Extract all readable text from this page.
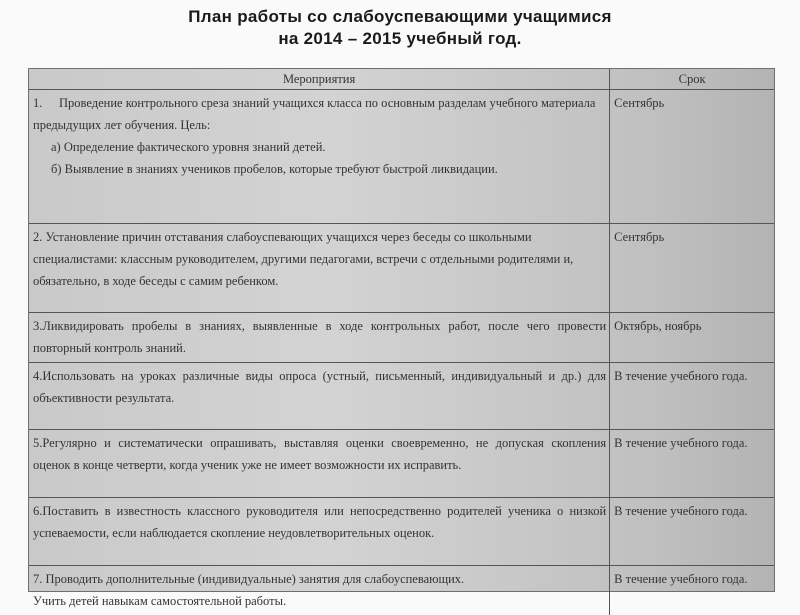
План работы со слабоуспевающими учащимися
на 2014 – 2015 учебный год.
Мероприятия	Срок
1. Проведение контрольного среза знаний учащихся класса по основным разделам учебного материала предыдущих лет обучения. Цель:
а) Определение фактического уровня знаний детей.
б) Выявление в знаниях учеников пробелов, которые требуют быстрой ликвидации.	Сентябрь
2. Установление причин отставания слабоуспевающих учащихся через беседы со школьными специалистами: классным руководителем, другими педагогами, встречи с отдельными родителями и, обязательно, в ходе беседы с самим ребенком.	Сентябрь
3.Ликвидировать пробелы в знаниях, выявленные в ходе контрольных работ, после чего провести повторный контроль знаний.	Октябрь, ноябрь
4.Использовать на уроках различные виды опроса (устный, письменный, индивидуальный и др.) для объективности результата.	В течение учебного года.
5.Регулярно и систематически опрашивать, выставляя оценки своевременно, не допуская скопления оценок в конце четверти, когда ученик уже не имеет возможности их исправить.	В течение учебного года.
6.Поставить в известность классного руководителя или непосредственно родителей ученика о низкой успеваемости, если наблюдается скопление неудовлетворительных оценок.	В течение учебного года.
7. Проводить дополнительные (индивидуальные) занятия для слабоуспевающих.
Учить детей навыкам самостоятельной работы.	В течение учебного года.
